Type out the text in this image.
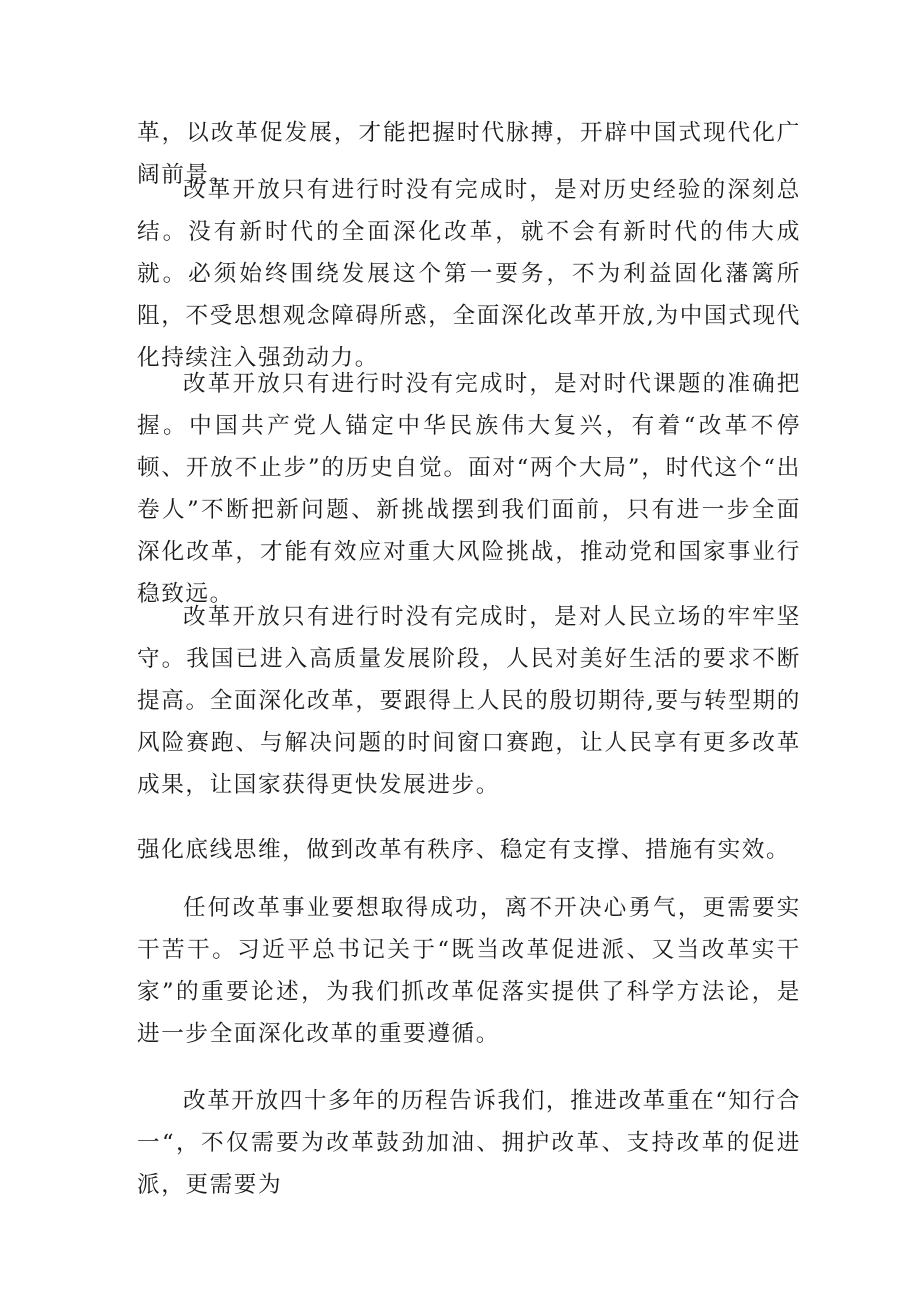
革，以改革促发展，才能把握时代脉搏，开辟中国式现代化广阔前景。

改革开放只有进行时没有完成时，是对历史经验的深刻总结。没有新时代的全面深化改革，就不会有新时代的伟大成就。必须始终围绕发展这个第一要务，不为利益固化藩篱所阻，不受思想观念障碍所惑，全面深化改革开放,为中国式现代化持续注入强劲动力。

改革开放只有进行时没有完成时，是对时代课题的准确把握。中国共产党人锚定中华民族伟大复兴，有着“改革不停顿、开放不止步”的历史自觉。面对“两个大局”，时代这个“出卷人”不断把新问题、新挑战摆到我们面前，只有进一步全面深化改革，才能有效应对重大风险挑战，推动党和国家事业行稳致远。

改革开放只有进行时没有完成时，是对人民立场的牢牢坚守。我国已进入高质量发展阶段，人民对美好生活的要求不断提高。全面深化改革，要跟得上人民的殷切期待,要与转型期的风险赛跑、与解决问题的时间窗口赛跑，让人民享有更多改革成果，让国家获得更快发展进步。

强化底线思维，做到改革有秩序、稳定有支撑、措施有实效。

任何改革事业要想取得成功，离不开决心勇气，更需要实干苦干。习近平总书记关于“既当改革促进派、又当改革实干家”的重要论述，为我们抓改革促落实提供了科学方法论，是进一步全面深化改革的重要遵循。

改革开放四十多年的历程告诉我们，推进改革重在“知行合一“，不仅需要为改革鼓劲加油、拥护改革、支持改革的促进派，更需要为
